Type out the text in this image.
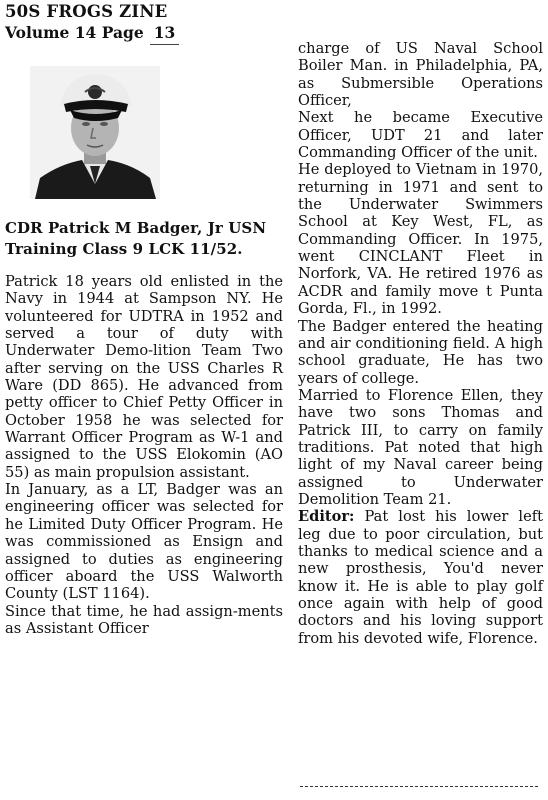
50S FROGS ZINE
Volume 14 Page 13
CDR Patrick M Badger, Jr USN Training Class 9 LCK 11/52.

Patrick 18 years old enlisted in the Navy in 1944 at Sampson NY. He volunteered for UDTRA in 1952 and served a tour of duty with Underwater Demo-lition Team Two after serving on the USS Charles R Ware (DD 865). He advanced from petty officer to Chief Petty Officer in October 1958 he was selected for Warrant Officer Program as W-1 and assigned to the USS Elokomin (AO 55) as main propulsion assistant.

In January, as a LT, Badger was an engineering officer was selected for he Limited Duty Officer Program. He was commissioned as Ensign and assigned to duties as engineering officer aboard the USS Walworth County (LST 1164).

Since that time, he had assign-ments as Assistant Officer

charge of US Naval School Boiler Man. in Philadelphia, PA, as Submersible Operations Officer,

Next he became Executive Officer, UDT 21 and later Commanding Officer of the unit.

He deployed to Vietnam in 1970, returning in 1971 and sent to the Underwater Swimmers School at Key West, FL, as Commanding Officer. In 1975, went CINCLANT Fleet in Norfork, VA. He retired 1976 as ACDR and family move t Punta Gorda, Fl., in 1992.

The Badger entered the heating and air conditioning field. A high school graduate, He has two years of college.

Married to Florence Ellen, they have two sons Thomas and Patrick III, to carry on family traditions. Pat noted that high light of my Naval career being assigned to Underwater Demolition Team 21.

Editor: Pat lost his lower left leg due to poor circulation, but thanks to medical science and a new prosthesis, You'd never know it. He is able to play golf once again with help of good doctors and his loving support from his devoted wife, Florence.
